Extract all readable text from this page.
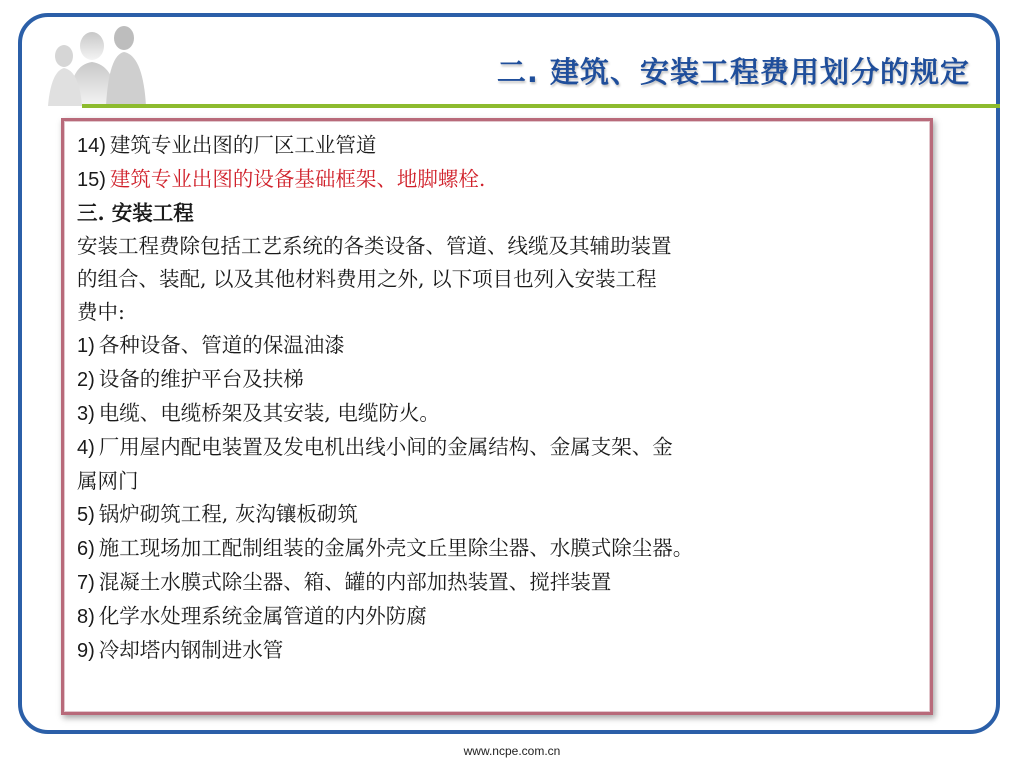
二. 建筑、安装工程费用划分的规定
14) 建筑专业出图的厂区工业管道
15) 建筑专业出图的设备基础框架、地脚螺栓.
三. 安装工程
安装工程费除包括工艺系统的各类设备、管道、线缆及其辅助装置
的组合、装配, 以及其他材料费用之外, 以下项目也列入安装工程
费中:
1) 各种设备、管道的保温油漆
2) 设备的维护平台及扶梯
3) 电缆、电缆桥架及其安装, 电缆防火。
4) 厂用屋内配电装置及发电机出线小间的金属结构、金属支架、金
属网门
5) 锅炉砌筑工程, 灰沟镶板砌筑
6) 施工现场加工配制组装的金属外壳文丘里除尘器、水膜式除尘器。
7) 混凝土水膜式除尘器、箱、罐的内部加热装置、搅拌装置
8) 化学水处理系统金属管道的内外防腐
9) 冷却塔内钢制进水管
www.ncpe.com.cn
